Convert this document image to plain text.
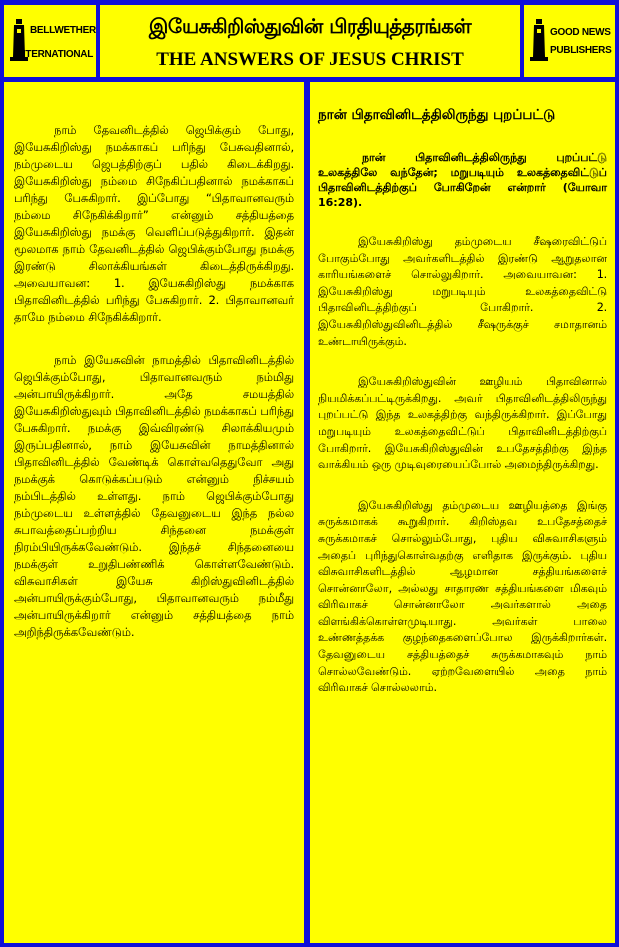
BELLWETHER
INTERNATIONAL
இயேசுகிறிஸ்துவின் பிரதியுத்தரங்கள்
THE ANSWERS OF JESUS CHRIST
GOOD NEWS
PUBLISHERS

நாம் தேவனிடத்தில் ஜெபிக்கும் போது, இயேசுகிறிஸ்து நமக்காகப் பரிந்து பேசுவதினால், நம்முடைய ஜெபத்திற்குப் பதில் கிடைக்கிறது. இயேசுகிறிஸ்து நம்மை சிநேகிப்பதினால் நமக்காகப் பரிந்து பேசுகிறார். இப்போது “பிதாவானவரும் நம்மை சிநேகிக்கிறார்” என்னும் சத்தியத்தை இயேசுகிறிஸ்து நமக்கு வெளிப்படுத்துகிறார். இதன் மூலமாக நாம் தேவனிடத்தில் ஜெபிக்கும்போது நமக்கு இரண்டு சிலாக்கியங்கள் கிடைத்திருக்கிறது. அவையாவன: 1. இயேசுகிறிஸ்து நமக்காக பிதாவினிடத்தில் பரிந்து பேசுகிறார். 2. பிதாவானவர் தாமே நம்மை சிநேகிக்கிறார்.

நாம் இயேசுவின் நாமத்தில் பிதாவினிடத்தில் ஜெபிக்கும்போது, பிதாவானவரும் நம்மிது அன்பாயிருக்கிறார். அதே சமயத்தில் இயேசுகிறிஸ்துவும் பிதாவினிடத்தில் நமக்காகப் பரிந்து பேசுகிறார். நமக்கு இவ்விரண்டு சிலாக்கியமும் இருப்பதினால், நாம் இயேசுவின் நாமத்தினால் பிதாவினிடத்தில் வேண்டிக் கொள்வதெதுவோ அது நமக்குக் கொடுக்கப்படும் என்னும் நிச்சயம் நம்பிடத்தில் உள்ளது. நாம் ஜெபிக்கும்போது நம்முடைய உள்ளத்தில் தேவனுடைய இந்த நல்ல சுபாவத்தைப்பற்றிய சிந்தனை நமக்குள் நிரம்பியிருக்கவேண்டும். இந்தச் சிந்தனையை நமக்குள் உறுதிபண்ணிக் கொள்ளவேண்டும். விசுவாசிகள் இயேசு கிறிஸ்துவினிடத்தில் அன்பாயிருக்கும்போது, பிதாவானவரும் நம்மீது அன்பாயிருக்கிறார் என்னும் சத்தியத்தை நாம் அறிந்திருக்கவேண்டும்.

நான் பிதாவினிடத்திலிருந்து புறப்பட்டு

நான் பிதாவினிடத்திலிருந்து புறப்பட்டு உலகத்திலே வந்தேன்; மறுபடியும் உலகத்தைவிட்டுப் பிதாவினிடத்திற்குப் போகிறேன் என்றார் (யோவா 16:28).

இயேசுகிறிஸ்து தம்முடைய சீஷரைவிட்டுப் போகும்போது அவர்களிடத்தில் இரண்டு ஆறுதலான காரியங்களைச் சொல்லுகிறார். அவையாவன: 1. இயேசுகிறிஸ்து மறுபடியும் உலகத்தைவிட்டு பிதாவினிடத்திற்குப் போகிறார். 2. இயேசுகிறிஸ்துவினிடத்தில் சீஷருக்குச் சமாதானம் உண்டாயிருக்கும்.

இயேசுகிறிஸ்துவின் ஊழியம் பிதாவினால் நியமிக்கப்பட்டிருக்கிறது. அவர் பிதாவினிடத்திலிருந்து புறப்பட்டு இந்த உலகத்திற்கு வந்திருக்கிறார். இப்போது மறுபடியும் உலகத்தைவிட்டுப் பிதாவினிடத்திற்குப் போகிறார். இயேசுகிறிஸ்துவின் உபதேசத்திற்கு இந்த வாக்கியம் ஒரு முடிவுரையைப்போல் அமைந்திருக்கிறது.

இயேசுகிறிஸ்து தம்முடைய ஊழியத்தை இங்கு சுருக்கமாகக் கூறுகிறார். கிறிஸ்தவ உபதேசத்தைச் சுருக்கமாகச் சொல்லும்போது, புதிய விசுவாசிகளும் அதைப் புரிந்துகொள்வதற்கு எளிதாக இருக்கும். புதிய விசுவாசிகளிடத்தில் ஆழமான சத்தியங்களைச் சொன்னாலோ, அல்லது சாதாரண சத்தியங்களை மிகவும் விரிவாகச் சொன்னாலோ அவர்களால் அதை விளங்கிக்கொள்ளமுடியாது. அவர்கள் பாலை உண்ணத்தக்க குழந்தைகளைப்போல இருக்கிறார்கள். தேவனுடைய சத்தியத்தைச் சுருக்கமாகவும் நாம் சொல்லவேண்டும். ஏற்றவேளையில் அதை நாம் விரிவாகச் சொல்லலாம்.
